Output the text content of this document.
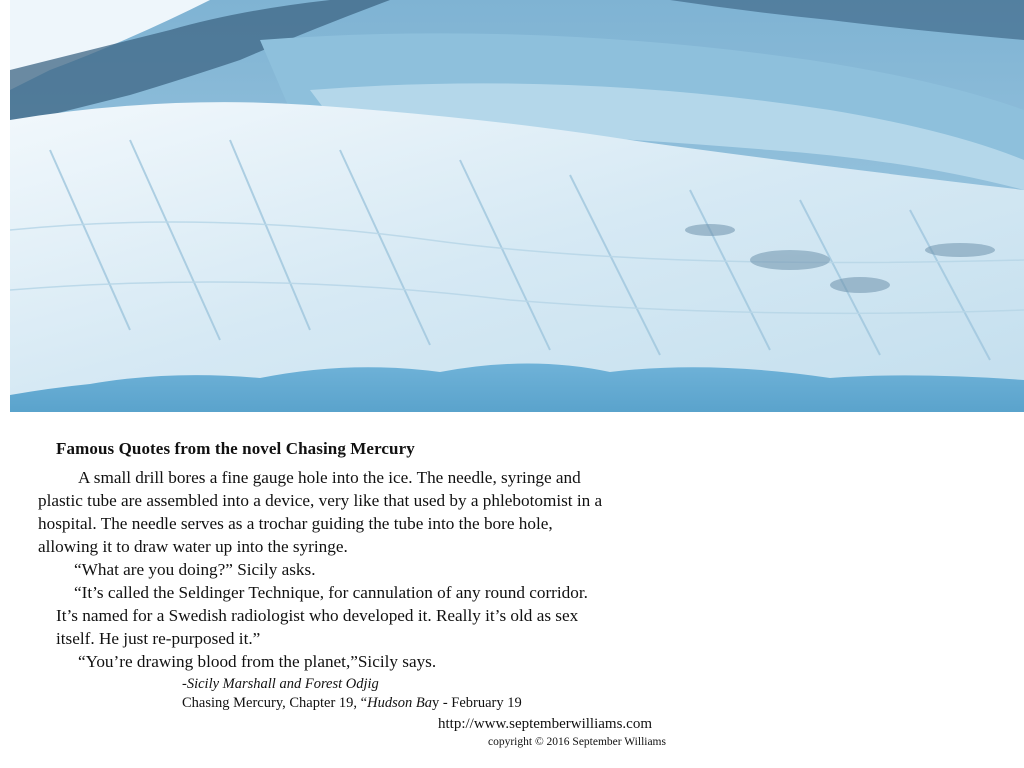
Famous Quotes from the novel Chasing Mercury
A small drill bores a fine gauge hole into the ice. The needle, syringe and
plastic tube are assembled into a device, very like that used by a phlebotomist in a
hospital. The needle serves as a trochar guiding the tube into the bore hole,
allowing it to draw water up into the syringe.
“What are you doing?” Sicily asks.
“It’s called the Seldinger Technique, for cannulation of any round corridor.
It’s named for a Swedish radiologist who developed it. Really it’s old as sex
itself. He just re-purposed it.”
“You’re drawing blood from the planet,”Sicily says.
-Sicily Marshall and Forest Odjig
Chasing Mercury, Chapter 19, “Hudson Bay - February 19
http://www.septemberwilliams.com
copyright © 2016 September Williams
